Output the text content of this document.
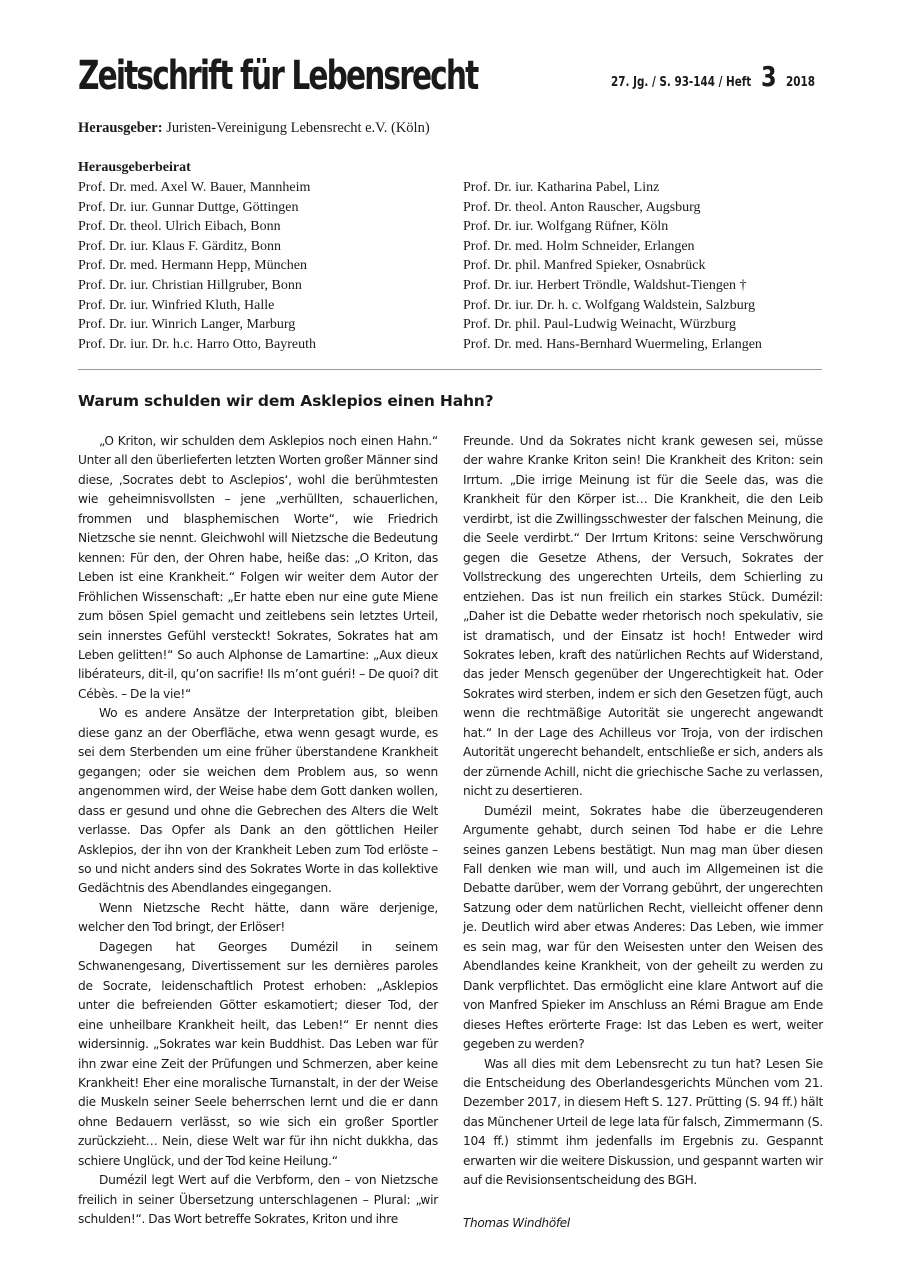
Zeitschrift für Lebensrecht	27. Jg. / S. 93-144 / Heft 3 2018
Herausgeber: Juristen-Vereinigung Lebensrecht e.V. (Köln)
Herausgeberbeirat
Prof. Dr. med. Axel W. Bauer, Mannheim
Prof. Dr. iur. Gunnar Duttge, Göttingen
Prof. Dr. theol. Ulrich Eibach, Bonn
Prof. Dr. iur. Klaus F. Gärditz, Bonn
Prof. Dr. med. Hermann Hepp, München
Prof. Dr. iur. Christian Hillgruber, Bonn
Prof. Dr. iur. Winfried Kluth, Halle
Prof. Dr. iur. Winrich Langer, Marburg
Prof. Dr. iur. Dr. h.c. Harro Otto, Bayreuth
Prof. Dr. iur. Katharina Pabel, Linz
Prof. Dr. theol. Anton Rauscher, Augsburg
Prof. Dr. iur. Wolfgang Rüfner, Köln
Prof. Dr. med. Holm Schneider, Erlangen
Prof. Dr. phil. Manfred Spieker, Osnabrück
Prof. Dr. iur. Herbert Tröndle, Waldshut-Tiengen †
Prof. Dr. iur. Dr. h. c. Wolfgang Waldstein, Salzburg
Prof. Dr. phil. Paul-Ludwig Weinacht, Würzburg
Prof. Dr. med. Hans-Bernhard Wuermeling, Erlangen
Warum schulden wir dem Asklepios einen Hahn?

„O Kriton, wir schulden dem Asklepios noch einen Hahn.“ Unter all den überlieferten letzten Worten großer Männer sind diese, ‚Socrates debt to Asclepios‘, wohl die berühmtesten wie geheimnisvollsten – jene „verhüllten, schauerlichen, frommen und blasphemischen Worte“, wie Friedrich Nietzsche sie nennt. Gleichwohl will Nietzsche die Bedeutung kennen: Für den, der Ohren habe, heiße das: „O Kriton, das Leben ist eine Krankheit.“ Folgen wir weiter dem Autor der Fröhlichen Wissenschaft: „Er hatte eben nur eine gute Miene zum bösen Spiel gemacht und zeitlebens sein letztes Urteil, sein innerstes Gefühl versteckt! Sokrates, Sokrates hat am Leben gelitten!“ So auch Alphonse de Lamartine: „Aux dieux libérateurs, dit-il, qu’on sacrifie! Ils m’ont guéri! – De quoi? dit Cébès. – De la vie!“

Wo es andere Ansätze der Interpretation gibt, bleiben diese ganz an der Oberfläche, etwa wenn gesagt wurde, es sei dem Sterbenden um eine früher überstandene Krankheit gegangen; oder sie weichen dem Problem aus, so wenn angenommen wird, der Weise habe dem Gott danken wollen, dass er gesund und ohne die Gebrechen des Alters die Welt verlasse. Das Opfer als Dank an den göttlichen Heiler Asklepios, der ihn von der Krankheit Leben zum Tod erlöste – so und nicht anders sind des Sokrates Worte in das kollektive Gedächtnis des Abendlandes eingegangen.

Wenn Nietzsche Recht hätte, dann wäre derjenige, welcher den Tod bringt, der Erlöser!

Dagegen hat Georges Dumézil in seinem Schwanengesang, Divertissement sur les dernières paroles de Socrate, leidenschaftlich Protest erhoben: „Asklepios unter die befreienden Götter eskamotiert; dieser Tod, der eine unheilbare Krankheit heilt, das Leben!“ Er nennt dies widersinnig. „Sokrates war kein Buddhist. Das Leben war für ihn zwar eine Zeit der Prüfungen und Schmerzen, aber keine Krankheit! Eher eine moralische Turnanstalt, in der der Weise die Muskeln seiner Seele beherrschen lernt und die er dann ohne Bedauern verlässt, so wie sich ein großer Sportler zurückzieht… Nein, diese Welt war für ihn nicht dukkha, das schiere Unglück, und der Tod keine Heilung.“

Dumézil legt Wert auf die Verbform, den – von Nietzsche freilich in seiner Übersetzung unterschlagenen – Plural: „wir schulden!“. Das Wort betreffe Sokrates, Kriton und ihre

Freunde. Und da Sokrates nicht krank gewesen sei, müsse der wahre Kranke Kriton sein! Die Krankheit des Kriton: sein Irrtum. „Die irrige Meinung ist für die Seele das, was die Krankheit für den Körper ist… Die Krankheit, die den Leib verdirbt, ist die Zwillingsschwester der falschen Meinung, die die Seele verdirbt.“ Der Irrtum Kritons: seine Verschwörung gegen die Gesetze Athens, der Versuch, Sokrates der Vollstreckung des ungerechten Urteils, dem Schierling zu entziehen. Das ist nun freilich ein starkes Stück. Dumézil: „Daher ist die Debatte weder rhetorisch noch spekulativ, sie ist dramatisch, und der Einsatz ist hoch! Entweder wird Sokrates leben, kraft des natürlichen Rechts auf Widerstand, das jeder Mensch gegenüber der Ungerechtigkeit hat. Oder Sokrates wird sterben, indem er sich den Gesetzen fügt, auch wenn die rechtmäßige Autorität sie ungerecht angewandt hat.“ In der Lage des Achilleus vor Troja, von der irdischen Autorität ungerecht behandelt, entschließe er sich, anders als der zürnende Achill, nicht die griechische Sache zu verlassen, nicht zu desertieren.

Dumézil meint, Sokrates habe die überzeugenderen Argumente gehabt, durch seinen Tod habe er die Lehre seines ganzen Lebens bestätigt. Nun mag man über diesen Fall denken wie man will, und auch im Allgemeinen ist die Debatte darüber, wem der Vorrang gebührt, der ungerechten Satzung oder dem natürlichen Recht, vielleicht offener denn je. Deutlich wird aber etwas Anderes: Das Leben, wie immer es sein mag, war für den Weisesten unter den Weisen des Abendlandes keine Krankheit, von der geheilt zu werden zu Dank verpflichtet. Das ermöglicht eine klare Antwort auf die von Manfred Spieker im Anschluss an Rémi Brague am Ende dieses Heftes erörterte Frage: Ist das Leben es wert, weiter gegeben zu werden?

Was all dies mit dem Lebensrecht zu tun hat? Lesen Sie die Entscheidung des Oberlandesgerichts München vom 21. Dezember 2017, in diesem Heft S. 127. Prütting (S. 94 ff.) hält das Münchener Urteil de lege lata für falsch, Zimmermann (S. 104 ff.) stimmt ihm jedenfalls im Ergebnis zu. Gespannt erwarten wir die weitere Diskussion, und gespannt warten wir auf die Revisionsentscheidung des BGH.

Thomas Windhöfel
